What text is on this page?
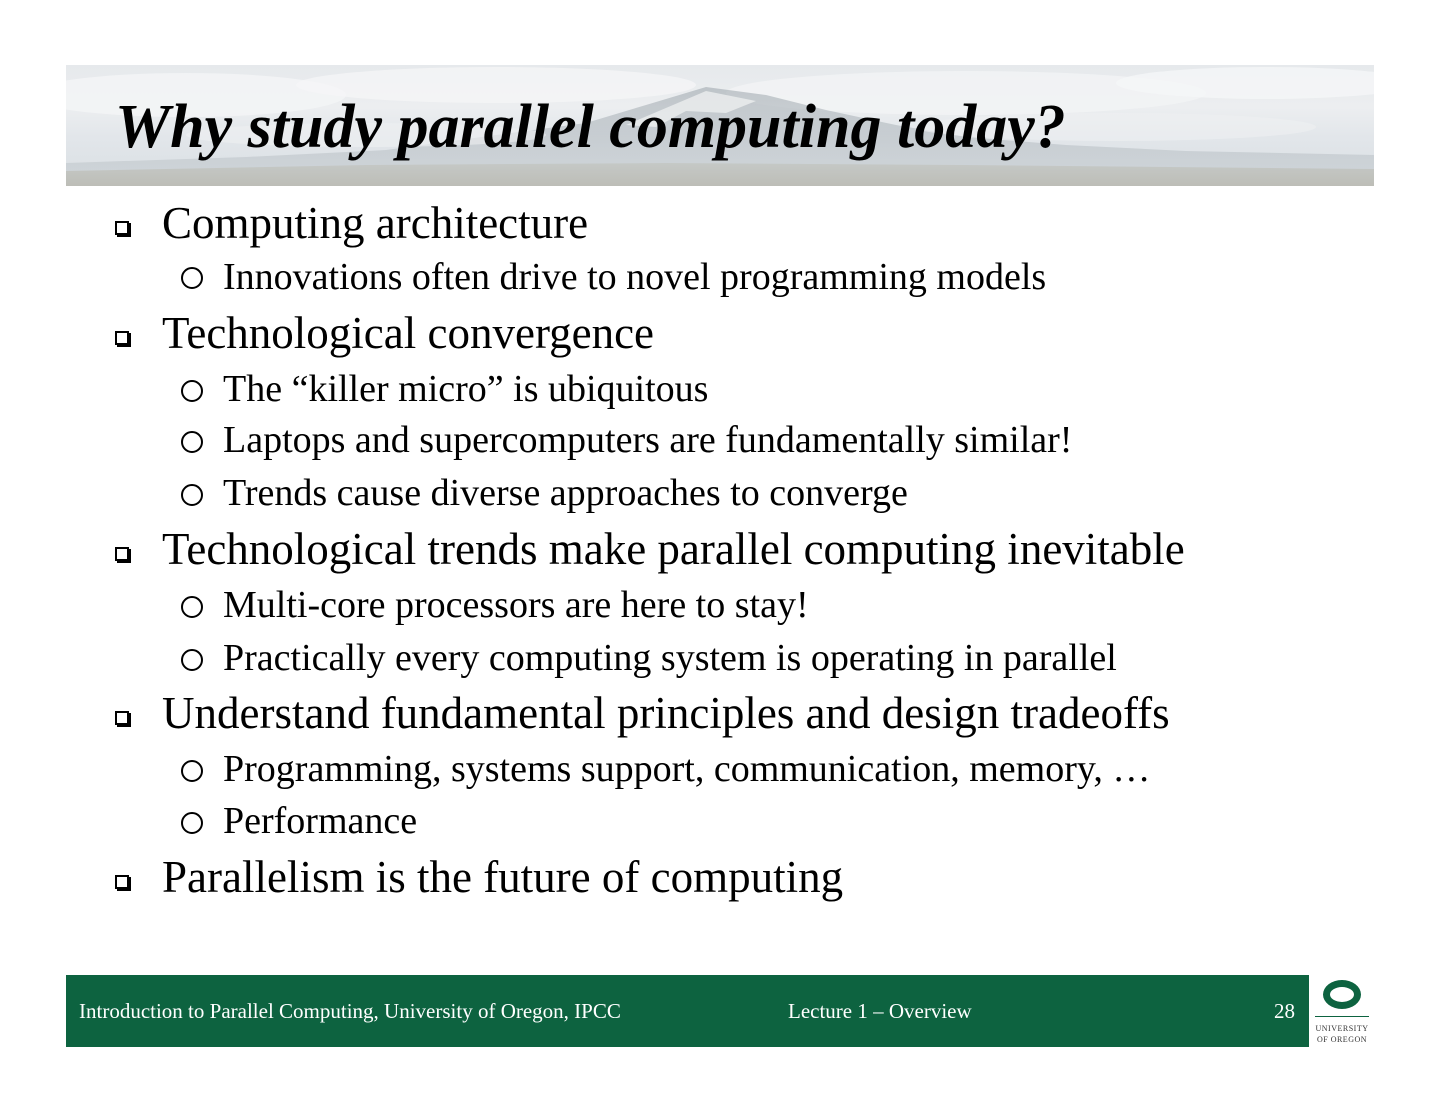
Why study parallel computing today?
Computing architecture
Innovations often drive to novel programming models
Technological convergence
The “killer micro” is ubiquitous
Laptops and supercomputers are fundamentally similar!
Trends cause diverse approaches to converge
Technological trends make parallel computing inevitable
Multi-core processors are here to stay!
Practically every computing system is operating in parallel
Understand fundamental principles and design tradeoffs
Programming, systems support, communication, memory, …
Performance
Parallelism is the future of computing
Introduction to Parallel Computing, University of Oregon, IPCC	Lecture 1 – Overview	28
UNIVERSITY
OF OREGON
